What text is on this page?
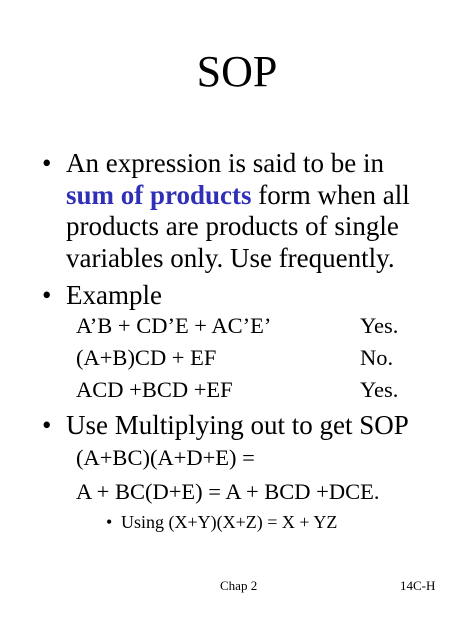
SOP
• An expression is said to be in
sum of products form when all
products are products of single
variables only. Use frequently.
• Example
A’B + CD’E + AC’E’	Yes.
(A+B)CD + EF	No.
ACD +BCD +EF	Yes.
• Use Multiplying out to get SOP
(A+BC)(A+D+E) =
A + BC(D+E) = A + BCD +DCE.
• Using (X+Y)(X+Z) = X + YZ
Chap 2	14C-H
